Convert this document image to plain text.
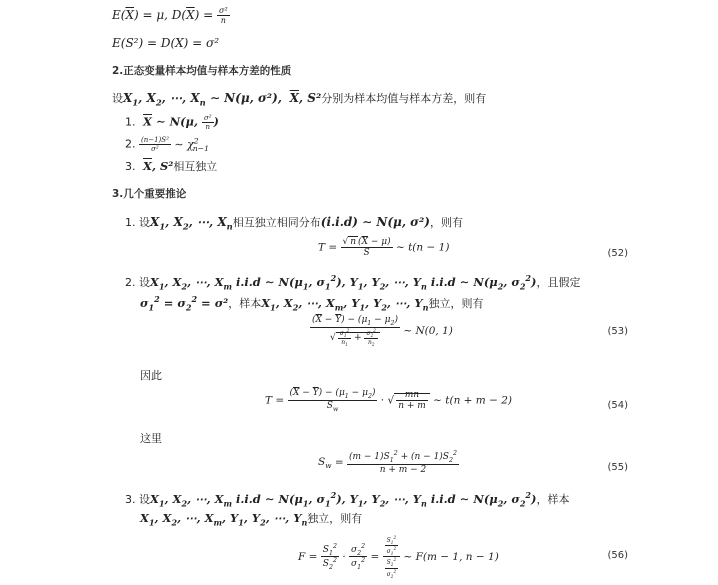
$E(\overline{X}) = \mu$, $D(\overline{X}) = \frac{\text{σ²}}{n}$
E(S²) = D(X) = σ²
2.正态变量样本均值与样本方差的性质
设$X_1$, $X_2$, ⋯, $X_n$ ∼ N(μ, σ²), $\overline{X}$, S²分别为样本均值与样本方差，则有
1. $\overline{X}$ ∼ N(μ, $\frac{\text{σ²}}{n}$ )
2. $\frac{\text{(n−1)S²}}{\text{σ²}}$ ∼ $\chi^2_{n-1}$
3. $\overline{X}$, S²相互独立
3.几个重要推论
1. 设$X_1$, $X_2$, ⋯, $X_n$相互独立相同分布(i.i.d) ∼ N(μ, σ²)，则有
$T = \frac{√ n (\overline{X} - \mu)}{S}$ ∼ t(n − 1)	(52)
2. 设$X_1$, $X_2$, ⋯, $X_m$ i.i.d ∼ $N(\mu_1$, $\sigma_1^2$), $Y_1$, $Y_2$, ⋯, $Y_n$ i.i.d ∼ $N(\mu_2$, $\sigma_2^2$)，且假定
$\sigma_1^2 = \sigma_2^2 = \sigma^2$，样本$X_1$, $X_2$, ⋯, $X_m$, $Y_1$, $Y_2$, ⋯, $Y_n$独立，则有
$\frac{(\overline{X} - \overline{Y}) - (\mu_1 - \mu_2)}{√ \frac{\sigma_1^2}{n_1} + \frac{\sigma_2^2}{n_2}}$ ∼ N(0, 1)	(53)
因此
$T = \frac{(\overline{X} - \overline{Y}) - (\mu_1 - \mu_2)}{S_w}$ · √ $\frac{mn}{n + m}$ ∼ t(n + m − 2)	(54)
这里
$S_w = \frac{(m - 1)S_1^2 + (n - 1)S_2^2}{n + m - 2}$	(55)
3. 设$X_1$, $X_2$, ⋯, $X_m$ i.i.d ∼ $N(\mu_1$, $\sigma_1^2$), $Y_1$, $Y_2$, ⋯, $Y_n$ i.i.d ∼ $N(\mu_2$, $\sigma_2^2$)，样本
$X_1$, $X_2$, ⋯, $X_m$, $Y_1$, $Y_2$, ⋯, $Y_n$独立，则有
$F = \frac{S_1^2}{S_2^2} \cdot \frac{\sigma_2^2}{\sigma_1^2} = \frac{\frac{S_1^2}{\sigma_1^2}}{\frac{S_2^2}{\sigma_2^2}}$ ∼ F(m − 1, n − 1)	(56)
